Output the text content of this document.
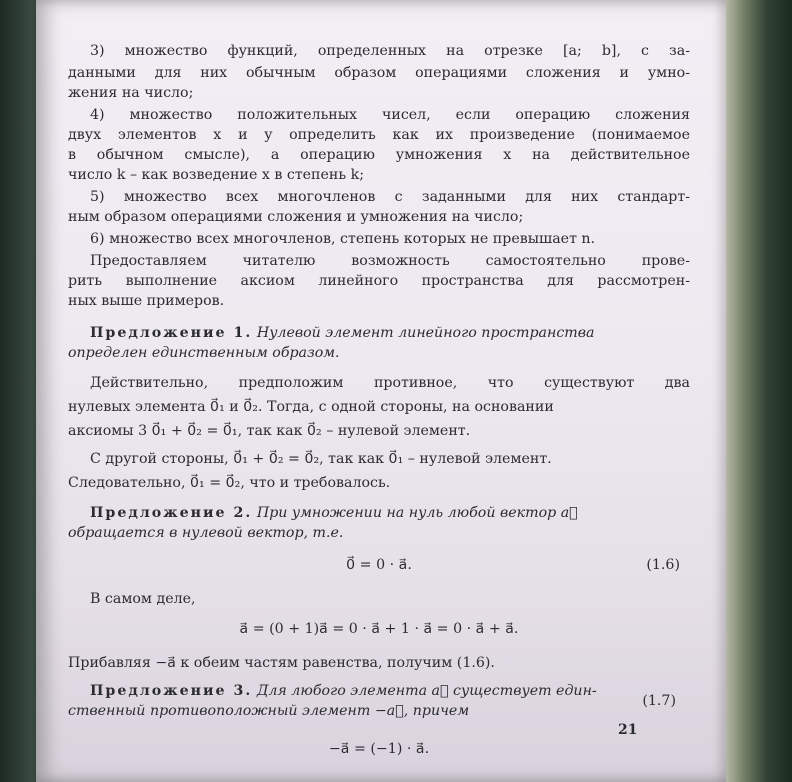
3) множество функций, определенных на отрезке [a; b], с за-
данными для них обычным образом операциями сложения и умно-
жения на число;
4) множество положительных чисел, если операцию сложения
двух элементов x и y определить как их произведение (понимаемое
в обычном смысле), а операцию умножения x на действительное
число k – как возведение x в степень k;
5) множество всех многочленов с заданными для них стандарт-
ным образом операциями сложения и умножения на число;
6) множество всех многочленов, степень которых не превышает n.
Предоставляем читателю возможность самостоятельно прове-
рить выполнение аксиом линейного пространства для рассмотрен-
ных выше примеров.
Предложение 1. Нулевой элемент линейного пространства
определен единственным образом.
Действительно, предположим противное, что существуют два
нулевых элемента 0⃗₁ и 0⃗₂. Тогда, с одной стороны, на основании
аксиомы 3 0⃗₁ + 0⃗₂ = 0⃗₁, так как 0⃗₂ – нулевой элемент.
С другой стороны, 0⃗₁ + 0⃗₂ = 0⃗₂, так как 0⃗₁ – нулевой элемент.
Следовательно, 0⃗₁ = 0⃗₂, что и требовалось.
Предложение 2. При умножении на нуль любой вектор a⃗
обращается в нулевой вектор, т.е.
0⃗ = 0 · a⃗.	(1.6)
В самом деле,
a⃗ = (0 + 1)a⃗ = 0 · a⃗ + 1 · a⃗ = 0 · a⃗ + a⃗.
Прибавляя −a⃗ к обеим частям равенства, получим (1.6).
Предложение 3. Для любого элемента a⃗ существует един-
ственный противоположный элемент −a⃗, причем
(1.7)
−a⃗ = (−1) · a⃗.
21
